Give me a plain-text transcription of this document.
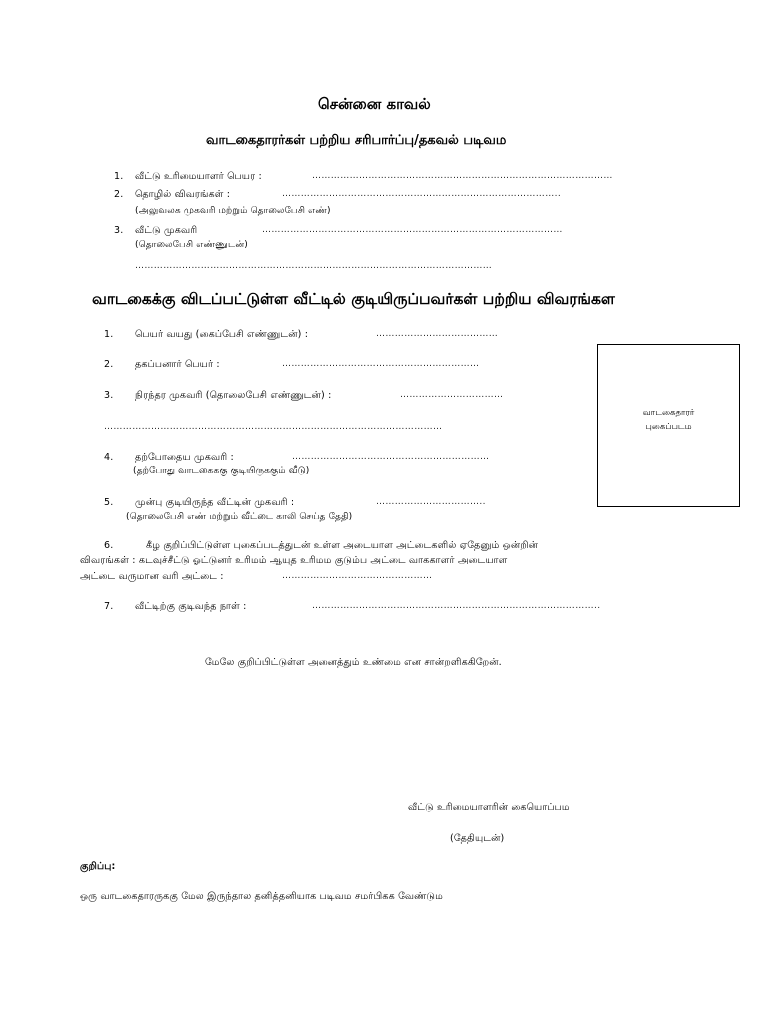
சென்னை காவல்
வாடகைதாரர்கள் பற்றிய சரிபார்ப்பு/தகவல் படிவம
1. வீட்டு உரிமையாளர் பெயர :	……………………………………………………………………………………
2. தொழில் விவரங்கள் :	……………………………………………………………………………..
(அலுவலக முகவரி மற்றும் தொலைபேசி எண்)
3. வீட்டு முகவரி	……………………………………………………………………………………
(தொலைபேசி எண்ணுடன்)
……………………………………………………………………………………………………
வாடகைக்கு விடப்பட்டுள்ள வீட்டில் குடியிருப்பவர்கள் பற்றிய விவரங்கள
1. பெயர் வயது (கைப்பேசி எண்ணுடன்) :	…………………………………
2. தகப்பனார் பெயர் :	………………………………………………………
3. நிரந்தர முகவரி (தொலைபேசி எண்ணுடன்) :	……………………………
………………………………………………………………………………………………
4. தற்போதைய முகவரி :	………………………………………………………
(தற்போது வாடகைககு குடியிருககும் வீடு)
5. முன்பு குடியிருந்த வீட்டின் முகவரி :	……………………………..
(தொலைபேசி எண் மற்றும் வீட்டை காலி செய்த தேதி)
6.	கீழ குறிப்பிட்டுள்ள புகைப்படத்துடன் உள்ள அடையாள அட்டைகளில் ஏதேனும் ஒன்றின்
விவரங்கள் : கடவுச்சீட்டு ஓட்டுனர் உரிமம் ஆயுத உரிமம குடும்ப அட்டை வாககாளர் அடையாள
அட்டை வருமான வரி அட்டை :	…………………………………………
7. வீட்டிற்கு குடிவந்த நாள் :	………………………………………………………………………………..
வாடகைதாரர்
புகைப்படம
மேலே குறிப்பிட்டுள்ள அனைத்தும் உண்மை என சான்றளிககிறேன்.
வீட்டு உரிமையாளரின் கையொப்பம
(தேதியுடன்)
குறிப்பு:
ஒரு வாடகைதாரருககு மேல இருந்தால தனித்தனியாக படிவம சமர்பிகக வேண்டும
